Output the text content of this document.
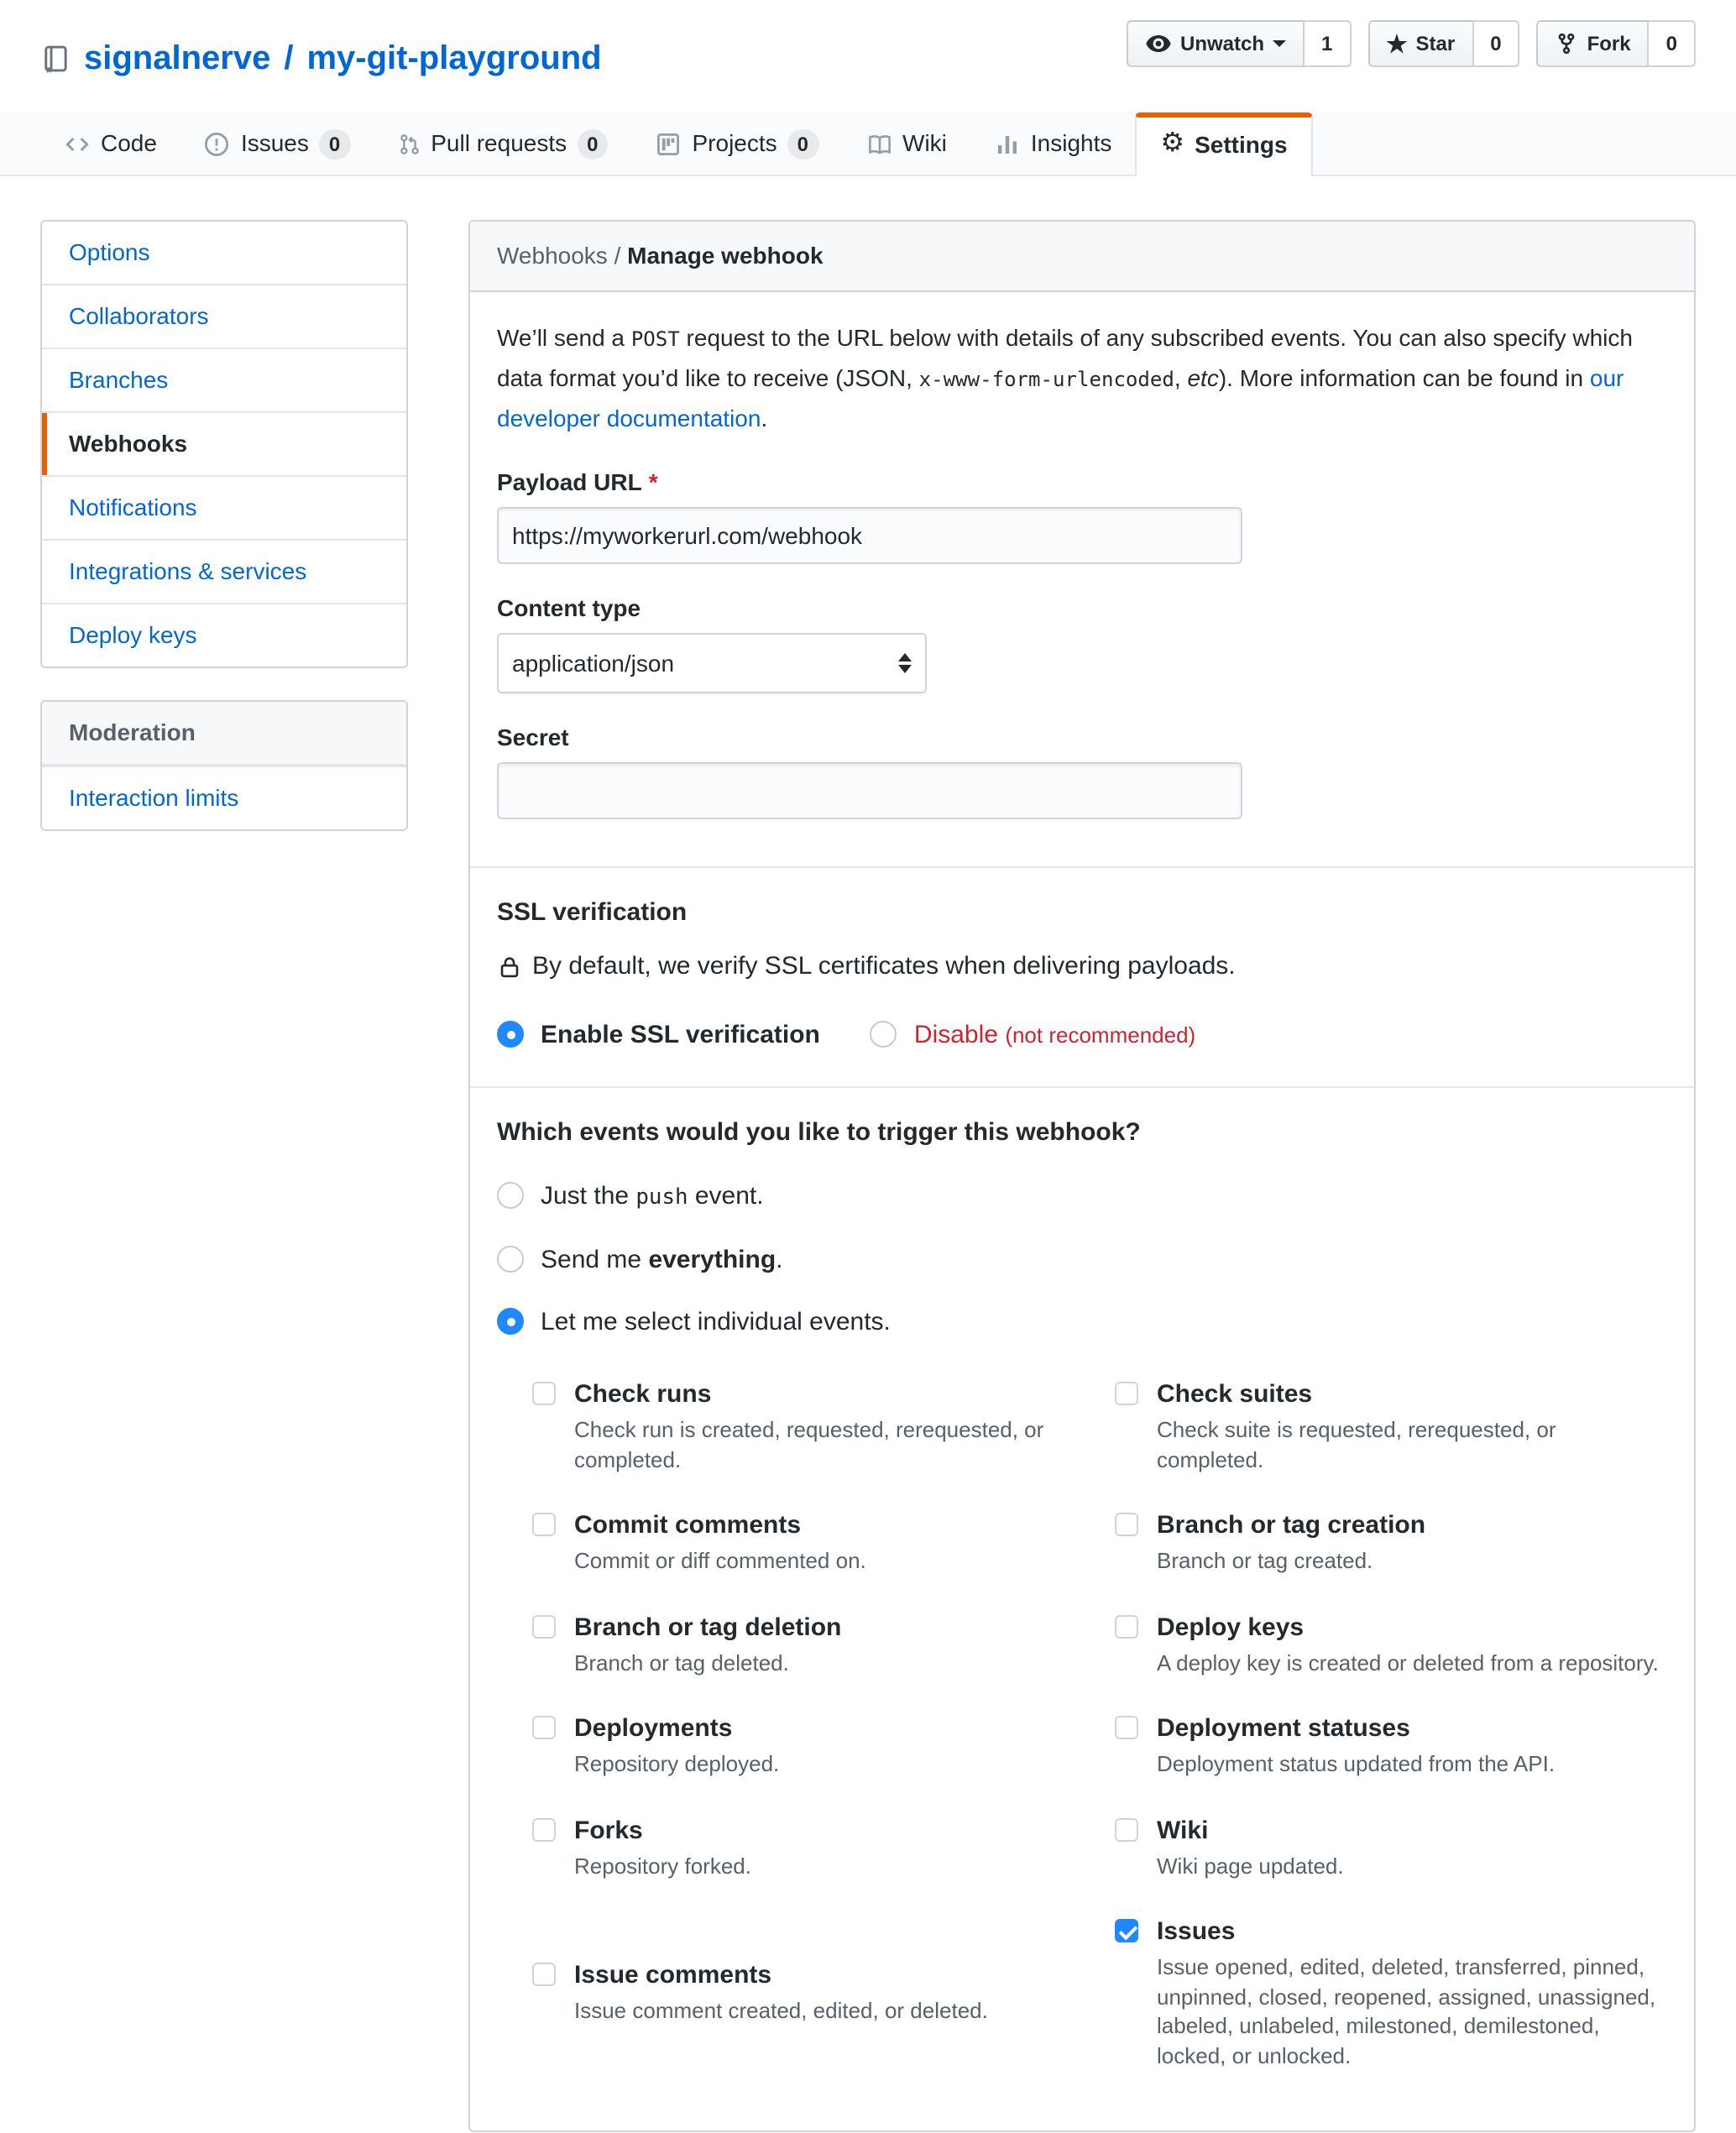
signalnerve / my-git-playground	Unwatch	1	★ Star	0	Fork	0
Code	Issues	0	Pull requests	0	Projects	0	Wiki	Insights	⚙ Settings
Options
Collaborators
Branches
Webhooks
Notifications
Integrations & services
Deploy keys
Moderation
Interaction limits
Webhooks / Manage webhook

We’ll send a POST request to the URL below with details of any subscribed events. You can also specify which data format you’d like to receive (JSON, x-www-form-urlencoded, etc). More information can be found in our developer documentation.

Payload URL *
https://myworkerurl.com/webhook
Content type
application/json
Secret
SSL verification
By default, we verify SSL certificates when delivering payloads.
Enable SSL verification	Disable (not recommended)
Which events would you like to trigger this webhook?
Just the push event.
Send me everything.
Let me select individual events.
Check runs
Check run is created, requested, rerequested, or completed.
Check suites
Check suite is requested, rerequested, or completed.
Commit comments
Commit or diff commented on.
Branch or tag creation
Branch or tag created.
Branch or tag deletion
Branch or tag deleted.
Deploy keys
A deploy key is created or deleted from a repository.
Deployments
Repository deployed.
Deployment statuses
Deployment status updated from the API.
Forks
Repository forked.
Wiki
Wiki page updated.
Issue comments
Issue comment created, edited, or deleted.
Issues
Issue opened, edited, deleted, transferred, pinned, unpinned, closed, reopened, assigned, unassigned, labeled, unlabeled, milestoned, demilestoned, locked, or unlocked.
